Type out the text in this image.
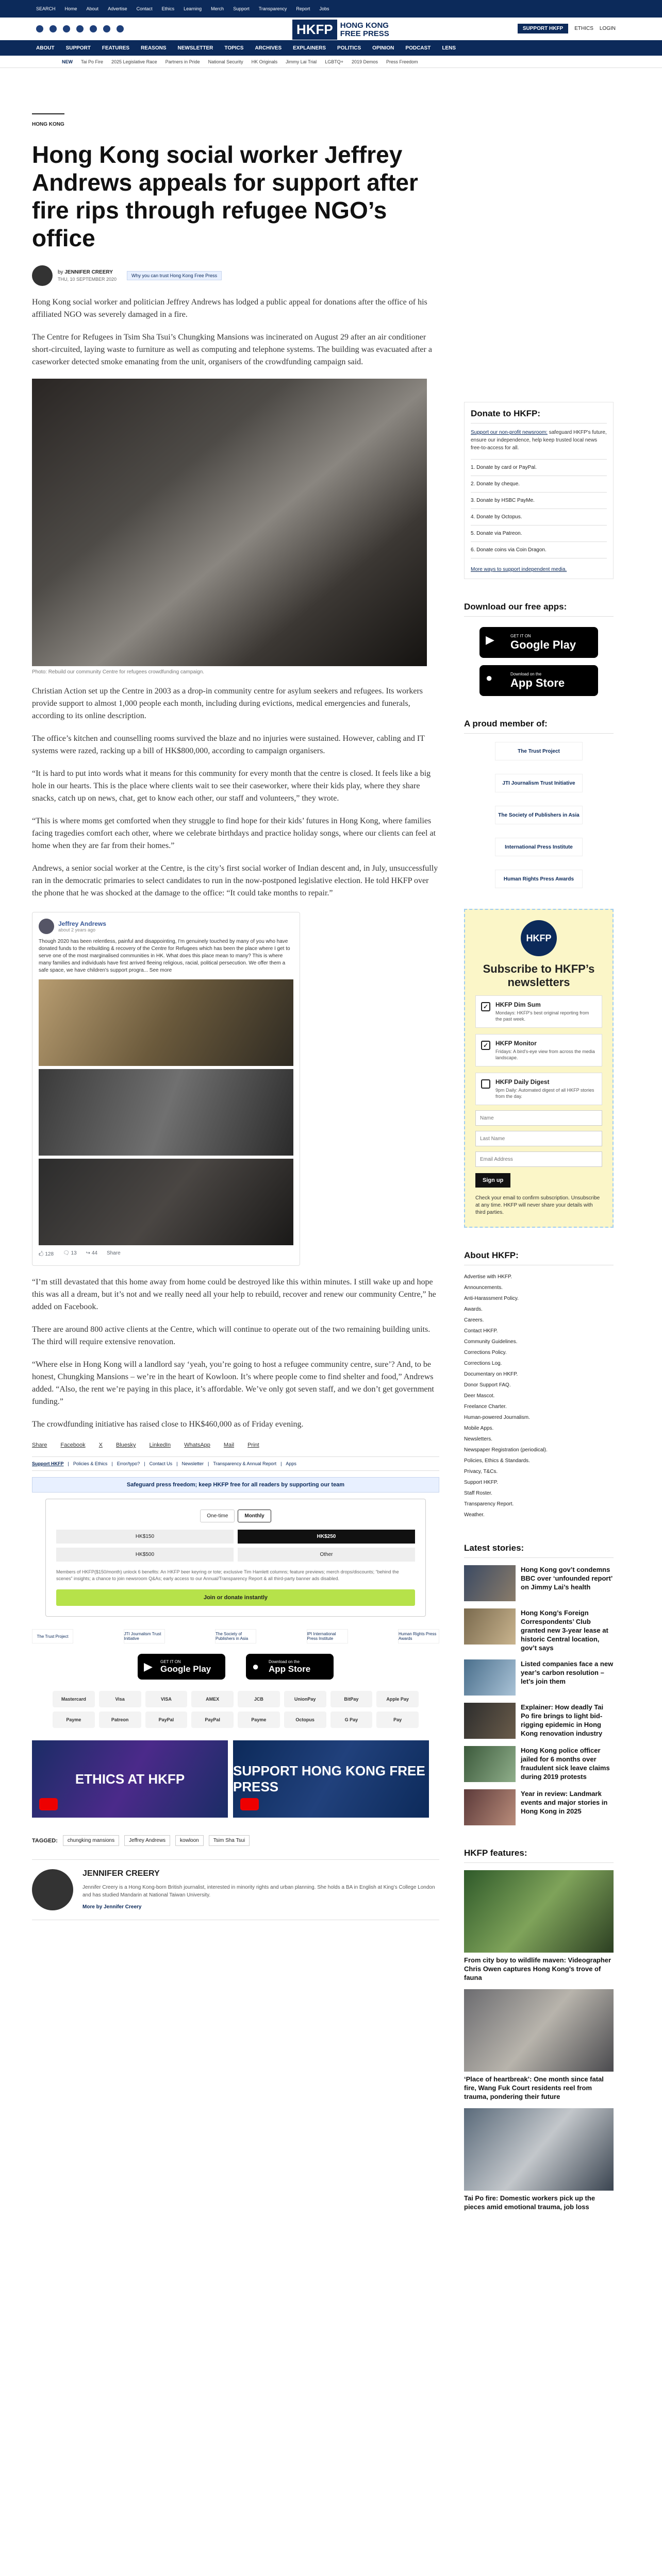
SEARCH Home About Advertise Contact Ethics Learning Merch Support Transparency Report Jobs
HKFP HONG KONG
FREE PRESS
SUPPORT HKFP	ETHICS LOGIN
ABOUT SUPPORT FEATURES REASONS NEWSLETTER TOPICS ARCHIVES EXPLAINERS POLITICS OPINION PODCAST LENS
NEW Tai Po Fire 2025 Legislative Race Partners in Pride National Security HK Originals Jimmy Lai Trial LGBTQ+ 2019 Demos Press Freedom
HONG KONG
Hong Kong social worker Jeffrey Andrews appeals for support after fire rips through refugee NGO’s office
by JENNIFER CREERY
THU, 10 SEPTEMBER 2020
Why you can trust Hong Kong Free Press

Hong Kong social worker and politician Jeffrey Andrews has lodged a public appeal for donations after the office of his affiliated NGO was severely damaged in a fire.

The Centre for Refugees in Tsim Sha Tsui’s Chungking Mansions was incinerated on August 29 after an air conditioner short-circuited, laying waste to furniture as well as computing and telephone systems. The building was evacuated after a caseworker detected smoke emanating from the unit, organisers of the crowdfunding campaign said.

Photo: Rebuild our community Centre for refugees crowdfunding campaign.

Christian Action set up the Centre in 2003 as a drop-in community centre for asylum seekers and refugees. Its workers provide support to almost 1,000 people each month, including during evictions, medical emergencies and funerals, according to its online description.

The office’s kitchen and counselling rooms survived the blaze and no injuries were sustained. However, cabling and IT systems were razed, racking up a bill of HK$800,000, according to campaign organisers.

“It is hard to put into words what it means for this community for every month that the centre is closed. It feels like a big hole in our hearts. This is the place where clients wait to see their caseworker, where their kids play, where they share snacks, catch up on news, chat, get to know each other, our staff and volunteers,” they wrote.

“This is where moms get comforted when they struggle to find hope for their kids’ futures in Hong Kong, where families facing tragedies comfort each other, where we celebrate birthdays and practice holiday songs, where our clients can feel at home when they are far from their homes.”

Andrews, a senior social worker at the Centre, is the city’s first social worker of Indian descent and, in July, unsuccessfully ran in the democratic primaries to select candidates to run in the now-postponed legislative election. He told HKFP over the phone that he was shocked at the damage to the office: “It could take months to repair.”

Jeffrey Andrews
about 2 years ago
Though 2020 has been relentless, painful and disappointing, I'm genuinely touched by many of you who have donated funds to the rebuilding & recovery of the Centre for Refugees which has been the place where I get to serve one of the most marginalised communities in HK. What does this place mean to many? This is where many families and individuals have first arrived fleeing religious, racial, political persecution. We offer them a safe space, we have children's support progra... See more
🖒 128 🗨 13 ↪ 44 Share

“I’m still devastated that this home away from home could be destroyed like this within minutes. I still wake up and hope this was all a dream, but it’s not and we really need all your help to rebuild, recover and renew our community Centre,” he added on Facebook.

There are around 800 active clients at the Centre, which will continue to operate out of the two remaining building units. The third will require extensive renovation.

“Where else in Hong Kong will a landlord say ‘yeah, you’re going to host a refugee community centre, sure’? And, to be honest, Chungking Mansions – we’re in the heart of Kowloon. It’s where people come to find shelter and food,” Andrews added. “Also, the rent we’re paying in this place, it’s affordable. We’ve only got seven staff, and we don’t get government funding.”

The crowdfunding initiative has raised close to HK$460,000 as of Friday evening.

Share Facebook X Bluesky LinkedIn WhatsApp Mail Print
Support HKFP | Policies & Ethics | Error/typo? | Contact Us | Newsletter | Transparency & Annual Report | Apps
Safeguard press freedom; keep HKFP free for all readers by supporting our team
One-time	Monthly
HK$150	HK$250
HK$500	Other
Members of HKFP($150/month) unlock 6 benefits: An HKFP beer keyring or tote; exclusive Tim Hamlett columns; feature previews; merch drops/discounts; “behind the scenes” insights; a chance to join newsroom Q&As; early access to our Annual/Transparency Report & all third-party banner ads disabled.
Join or donate instantly
The Trust Project	JTI Journalism Trust Initiative
The Society of Publishers in Asia
IPI International Press Institute
Human Rights Press Awards
▶ GET IT ON
Google Play	● Download on the
App Store
Mastercard	Visa	VISA	AMEX	JCB	UnionPay	BitPay	Apple Pay
Payme	Patreon	PayPal	PayPal	Payme	Octopus	G Pay	Pay
ETHICS AT HKFP
SUPPORT HONG KONG FREE PRESS
TAGGED:	chungking mansions	Jeffrey Andrews	kowloon	Tsim Sha Tsui
JENNIFER CREERY
Jennifer Creery is a Hong Kong-born British journalist, interested in minority rights and urban planning. She holds a BA in English at King’s College London and has studied Mandarin at National Taiwan University.
More by Jennifer Creery
Donate to HKFP:
Support our non-profit newsroom: safeguard HKFP's future, ensure our independence, help keep trusted local news free-to-access for all.
1. Donate by card or PayPal.
2. Donate by cheque.
3. Donate by HSBC PayMe.
4. Donate by Octopus.
5. Donate via Patreon.
6. Donate coins via Coin Dragon.
More ways to support independent media.
Download our free apps:
▶	GET IT ON
Google Play
●	Download on the
App Store
A proud member of:
The Trust Project
JTI Journalism Trust Initiative
The Society of Publishers in Asia
International Press Institute
Human Rights Press Awards
HKFP
Subscribe to HKFP’s newsletters
✓	HKFP Dim Sum
Mondays: HKFP's best original reporting from the past week.
✓	HKFP Monitor
Fridays: A bird's-eye view from across the media landscape.
HKFP Daily Digest
9pm Daily: Automated digest of all HKFP stories from the day.
Name Last Name Email Address
Sign up
Check your email to confirm subscription. Unsubscribe at any time. HKFP will never share your details with third parties.
About HKFP:
Advertise with HKFP.
Announcements.
Anti-Harassment Policy.
Awards.
Careers.
Contact HKFP.
Community Guidelines.
Corrections Policy.
Corrections Log.
Documentary on HKFP.
Donor Support FAQ.
Deer Mascot.
Freelance Charter.
Human-powered Journalism.
Mobile Apps.
Newsletters.
Newspaper Registration (periodical).
Policies, Ethics & Standards.
Privacy, T&Cs.
Support HKFP.
Staff Roster.
Transparency Report.
Weather.
Latest stories:
Hong Kong gov’t condemns BBC over ‘unfounded report’ on Jimmy Lai’s health
Hong Kong’s Foreign Correspondents’ Club granted new 3-year lease at historic Central location, gov’t says
Listed companies face a new year’s carbon resolution – let’s join them
Explainer: How deadly Tai Po fire brings to light bid-rigging epidemic in Hong Kong renovation industry
Hong Kong police officer jailed for 6 months over fraudulent sick leave claims during 2019 protests
Year in review: Landmark events and major stories in Hong Kong in 2025
HKFP features:
From city boy to wildlife maven: Videographer Chris Owen captures Hong Kong’s trove of fauna
‘Place of heartbreak’: One month since fatal fire, Wang Fuk Court residents reel from trauma, pondering their future
Tai Po fire: Domestic workers pick up the pieces amid emotional trauma, job loss
